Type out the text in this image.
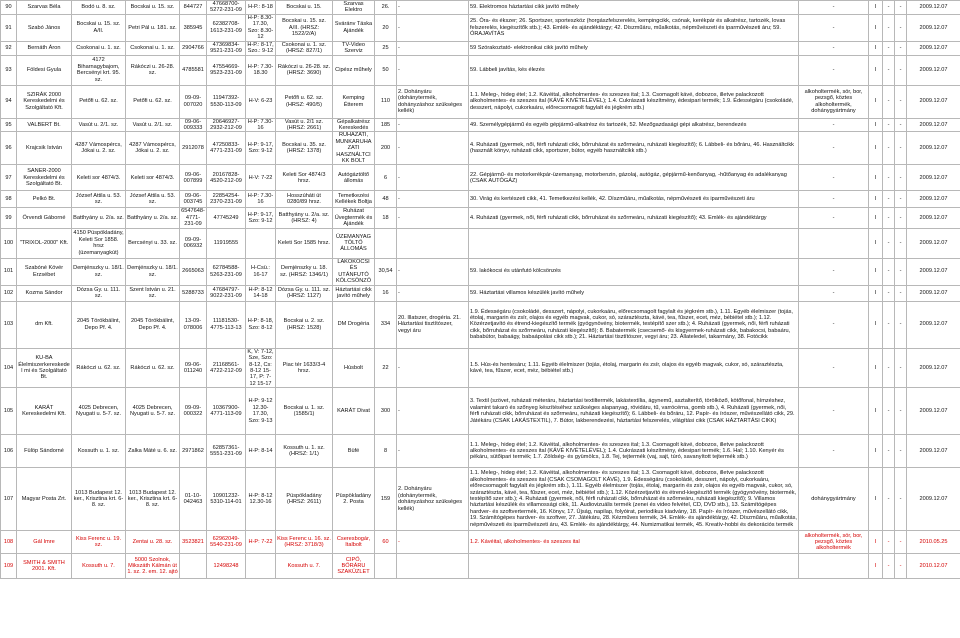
90	Szarvas Béla	Bodó u. 8. sz.	Bocskai u. 15. sz.	844727	47668700-5272-231-09	H-P.: 8-18	Bocskai u. 15.	Szarvas Elektro	26.	-	59. Elektromos háztartási cikk javító műhely	-	I	-	-	2009.12.07
91	Szabó János	Bocskai u. 15. sz. A/II.	Petri Pál u. 181. sz.	385945	62382708-1613-231-09	H-P: 8.30-17.30, Szo: 8.30-12	Bocskai u. 15. sz. A/II. (HRSZ: 1522/2/A)	Sváránv Táska Ajándék	20	-	25. Óra- és ékszer; 26. Sportszer, sporteszköz (horgászfelszerelés, kempingcikk, csónak, kerékpár és alkatrész, tartozék, lovas felszerelés, kiegészítők stb.); 43. Emlék- és ajándéktárgy; 42. Díszműáru, műalkotás, népművészeti és iparművészeti áru; 59. ÓRAJAVÍTÁS	-	I	-	-	2009.12.07
92	Bernáth Áron	Csokonai u. 1. sz.	Csokonai u. 1. sz.	2904766	47369834-9521-231-09	H-P.: 8-17, Szo.: 9-12	Csokonai u. 1. sz. (HRSZ: 827/1)	TV-Video Szerviz	25	-	59 Szórakoztató- elektronikai cikk javító műhely	-	I	-	-	2009.12.07
93	Földesi Gyula	4172 Biharnagybajom, Bercsényi krt. 95. sz.	Rákóczi u. 26-28. sz.	4785581	47554669-9523-231-09	H-P: 7.30-18.30	Rákóczi u. 26-28. sz. (HRSZ: 3690)	Cipész műhely	50	-	59. Lábbeli javítás, kés élezés	-	I	-	-	2009.12.07
94	SZIRÁK 2000 Kereskedelmi és Szolgáltató Kft.	Petőfi u. 62. sz.	Petőfi u. 62. sz.	09-09-007020	11947392-5530-113-09	H-V: 6-23	Petőfi u. 62. sz. (HRSZ: 490/5)	Kemping Étterem	110	2. Dohányáru (dohánytermék, dohányzáshoz szükséges kellék)	1.1. Meleg-, hideg étel; 1.2. Kávéital, alkoholmentes- és szeszes ital; 1.3. Csomagolt kávé, dobozos, illetve palackozott alkoholmentes- és szeszes ital (KÁVÉ KIVÉTELÉVEL); 1.4. Cukrászati készítmény, édesipari termék; 1.9. Édességáru (csokoládé, desszert, nápolyi, cukorkaáru, előrecsomagolt fagylalt és jégkrém stb.)	alkoholtermék, sör, bor, pezsgő, köztes alkoholtermék, dohánygyártmány	I	-	-	2009.12.07
95	VALBERT Bt.	Vasút u. 2/1. sz.	Vasút u. 2/1. sz.	09-06-009333	20646927-2932-212-09	H-P: 7.30-16	Vasút u. 2/1 sz.(HRSZ: 2661)	Gépalkatrész Kereskedés	185	-	49. Személygépjármű és egyéb gépjármű-alkatrész és tartozék, 52. Mezőgazdasági gépi alkatrész, berendezés	-	I	-	-	2009.12.07
96	Krajcsik István	4287 Vámospércs, Jókai u. 2. sz.	4287 Vámospércs, Jókai u. 2. sz.	2912078	47250833-4771-231-09	H-P: 9-17, Szo: 9-12	Bocskai u. 35. sz. (HRSZ: 1378)	RUHÁZATI, MUNKARUHA ZATI HASZNÁLTCI KK BOLT	200	-	4. Ruházati (gyermek, női, férfi ruházati cikk, bőrruházat és szőrmeáru, ruházati kiegészítő); 6. Lábbeli- és bőráru, 46. Használtcikk (használt könyv, ruházati cikk, sportszer, bútor, egyéb használtcikk stb.)	-	I	-	-	2009.12.07
97	SANER-2000 Kereskedelmi és Szolgáltató Bt.	Keleti sor 4874/3.	Keleti sor 4874/3.	09-06-007899	20167828-4520-212-09	H-V: 7-22	Keleti Sor 4874/3 hrsz.	Autógáztöltő állomás	6	-	22. Gépjármű- és motorkerékpár-üzemanyag, motorbenzin, gázolaj, autógáz, gépjármű-kenőanyag, -hűtőanyag és adalékanyag (CSAK AUTÓGÁZ)	-	I	-	-	2009.12.07
98	Pelkó Bt.	József Attila u. 53. sz.	József Attila u. 53. sz.	09-06-003745	22854254-2370-231-09	H-P: 7.30-16	Hosszúháti út 0280/89 hrsz.	Temetkezési Kellékek Boltja	48	-	30. Virág és kertészeti cikk, 41. Temetkezési kellék, 42. Díszműáru, műalkotás, népművészeti és iparművészeti áru	-	I	-	-	2009.12.07
99	Örvendi Gáborné	Batthyány u. 2/a. sz.	Batthyány u. 2/a. sz.	6547648-4771-231-09	47745249	H-P: 9-17, Szo: 9-12	Batthyány u. 2/a. sz. (HRSZ: 4)	Ruházat Üvegtermék és Ajándék	18	-	4. Ruházati (gyermek, női, férfi ruházati cikk, bőrruházat és szőrmeáru, ruházati kiegészítő); 43. Emlék- és ajándéktárgy	-	I	-	-	2009.12.07
100	"TRIXOL-2000" Kft.	4150 Püspökladány, Keleti Sor 1858. hrsz (üzemanyagkút)	Bercsényi u. 33. sz.	09-09-006932	11919555		Keleti Sor 1585 hrsz.	ÜZEMANYAG TÖLTŐ ÁLLOMÁS					I	-	-	2009.12.07
101	Szabóné Kövér Erzsébet	Demjénszky u. 18/1. sz.	Demjénszky u. 18/1. sz.	2665063	62784588-5263-231-09	H-Csü.: 16-17	Demjénszky u. 18. sz. (HRSZ: 1346/1)	LAKÓKÖCSI ÉS UTÁNFUTÓ KÖLCSÖNZŐ	30,54	-	59. lakókocsi és utánfutó kölcsönzés	-	I	-	-	2009.12.07
102	Kozma Sándor	Dózsa Gy. u. 111. sz.	Szent István u. 21. sz.	5288733	47684797-9022-231-09	H-P: 8-12 14-18	Dózsa Gy. u. 111. sz. (HRSZ: 1127)	Háztartási cikk javító műhely	16	-	59. Háztartási villamos készülék javító műhely	-	I	-	-	2009.12.07
103	dm Kft.	2045 Törökbálint, Depo Pf. 4.	2045 Törökbálint, Depo Pf. 4.	13-09-078006	11181530-4775-113-13	H-P: 8-18, Szo: 8-12	Bocskai u. 2. sz. (HRSZ: 1528)	DM Drogéria	334	20. Illatszer, drogéria. 21. Háztartási tisztítószer, vegyi áru	1.9. Édességáru (csokoládé, desszert, nápolyi, cukorkaáru, előrecsomagolt fagylalt és jégkrém stb.), 1.11. Egyéb élelmiszer (tojás, étolaj, margarin és zsír, olajos és egyéb magvak, cukor, só, száraztészta, kávé, tea, fűszer, ecet, méz, bébiétel stb.); 1.12. Közérzetjavító és étrend-kiegészítő termék (gyógynövény, biotermék, testépítő szer stb.); 4. Ruházati (gyermek, női, férfi ruházati cikk, bőrruházat és szőrmeáru, ruházati kiegészítő); 8. Babatermék (csecsemő- és kisgyermek-ruházati cikk, babakocsi, babaáru, bababútor, babaágy, babaápolási cikk stb.); 21. Háztartási tisztítószer, vegyi áru; 23. Állateledel, takarmány, 38. Fotócikk	-	I	-	-	2009.12.07
104	KU-BA Élelmiszerkereskedel mi és Szolgáltató Bt.	Rákóczi u. 62. sz.	Rákóczi u. 62. sz.	09-06-011240	21168561-4722-212-09	K, V: 7-12, Sze, Szo: 8-12, Cs: 8-12 15-17, P: 7-12 15-17	Piac tér 1633/3-4 hrsz.	Húsbolt	22	-	1.5. Hús-és hentesáru; 1.11. Egyéb élelmiszer (tojás, étolaj, margarin és zsír, olajos és egyéb magvak, cukor, só, száraztészta, kávé, tea, fűszer, ecet, méz, bébiétel stb.)	-	I	-	-	2009.12.07
105	KARÁT Kereskedelmi Kft.	4025 Debrecen, Nyugati u. 5-7. sz.	4025 Debrecen, Nyugati u. 5-7. sz.	09-09-000322	10367900-4771-113-09	H-P: 9-12 12.30-17.30, Szo: 9-13	Bocskai u. 1. sz. (1585/1)	KARÁT Divat	300	-	3. Textil (szövet, ruházati méteráru, háztartási textiltermék, lakástextília, ágynemű, asztalterítő, törölköző, kötőfonal, hímzéshez, valamint takaró és szőnyeg készítéséhez szükséges alapanyag, rövidáru, tű, varrócérna, gomb stb.), 4. Ruházati (gyermek, női, férfi ruházati cikk, bőrruházat és szőrmeáru, ruházati kiegészítő); 6. Lábbeli- és bőráru, 12. Papír- és írószer, művészellátó cikk, 29. Játékáru (CSAK LAKÁSTEXTIL), 7. Bútor, lakberendezési, háztartási felszerelés, világítási cikk (CSAK HÁZTARTÁSI CIKK)	-	I	-	-	2009.12.07
106	Fülöp Sándorné	Kossuth u. 1. sz.	Zalka Máté u. 6. sz.	2971862	62857361-5551-231-09	H-P: 8-14	Kossuth u. 1. sz. (HRSZ: 1/1)	Büfé	8	-	1.1. Meleg-, hideg étel; 1.2. Kávéital, alkoholmentes- és szeszes ital; 1.3. Csomagolt kávé, dobozos, illetve palackozott alkoholmentes- és szeszes ital (KÁVÉ KIVÉTELÉVEL); 1.4. Cukrászati készítmény, édesipari termék; 1.6. Hal; 1.10. Kenyér és pékáru, sütőipari termék; 1.7. Zöldség- és gyümölcs, 1.8. Tej, tejtermék (vaj, sajt, túró, savanyított tejtermék stb.)	-	I	-	-	2009.12.07
107	Magyar Posta Zrt.	1013 Budapest 12. ker., Krisztina krt. 6-8. sz.	1013 Budapest 12. ker., Krisztina krt. 6-8. sz.	01-10-042463	10901232-5310-114-01	H-P: 8-12 12.30-16	Püspökladány (HRSZ: 2611)	Püspökladány 2. Posta	159	2. Dohányáru (dohánytermék, dohányzáshoz szükséges kellék)	1.1. Meleg-, hideg étel; 1.2. Kávéital, alkoholmentes- és szeszes ital; 1.3. Csomagolt kávé, dobozos, illetve palackozott alkoholmentes- és szeszes ital (CSAK CSOMAGOLT KÁVÉ), 1.9. Édességáru (csokoládé, desszert, nápolyi, cukorkaáru, előrecsomagolt fagylalt és jégkrém stb.), 1.11. Egyéb élelmiszer (tojás, étolaj, margarin és zsír, olajos és egyéb magvak, cukor, só, száraztészta, kávé, tea, fűszer, ecet, méz, bébiétel stb.); 1.12. Közérzetjavító és étrend-kiegészítő termék (gyógynövény, biotermék, testépítő szer stb.); 4. Ruházati (gyermek, női, férfi ruházati cikk, bőrruházat és szőrmeáru, ruházati kiegészítő); 9. Villamos háztartási készülék és villamossági cikk, 11. Audiovizuális termék (zenei és video felvétel, CD, DVD stb.), 13. Számítógépes hardver- és szoftvertermék, 16. Könyv, 17. Újság, napilap, folyóirat, periodikus kiadvány, 18. Papír- és írószer, művészellátó cikk, 19. Számítógépes hardver- és szoftver, 27. Játékáru, 28. Kézműves termék, 34. Emlék- és ajándéktárgy, 42. Díszműáru, műalkotás, népművészeti és iparművészeti áru, 43. Emlék- és ajándéktárgy, 44. Numizmatikai termék, 45. Kreatív-hobbi és dekorációs termék	dohánygyártmány	I	-	-	2009.12.07
108	Gál Imre	Kiss Ferenc u. 19. sz.	Zentai u. 28. sz.	3523821	62962049-5540-231-09	H-P: 7-22	Kiss Ferenc u. 16. sz. (HRSZ: 3718/3)	Cseresbogár, Italbolt	60	-	1.2. Kávéital, alkoholmentes- és szeszes ital	alkoholtermék, sör, bor, pezsgő, köztes alkoholtermék	I	-	-	2010.05.25
109	SMITH & SMITH 2001. Kft.	Kossuth u. 7.	5000 Szolnok, Mikszáth Kálmán út 1. sz. 2. em. 12. ajtó		12498248		Kossuth u. 7.	CIPŐ, BŐRÁRU SZAKÜZLET					I	-	-	2010.12.07
